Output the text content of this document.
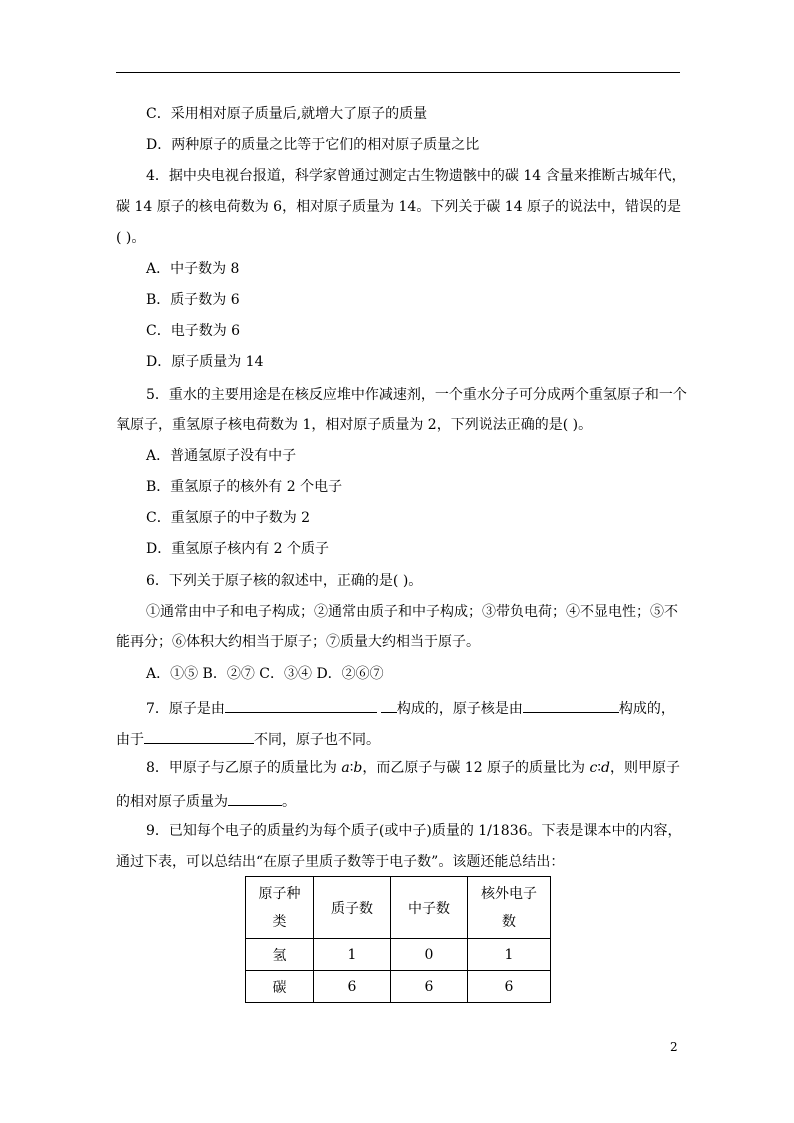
C．采用相对原子质量后,就增大了原子的质量
D．两种原子的质量之比等于它们的相对原子质量之比
4．据中央电视台报道，科学家曾通过测定古生物遗骸中的碳 14 含量来推断古城年代，
碳 14 原子的核电荷数为 6，相对原子质量为 14。下列关于碳 14 原子的说法中，错误的是
( )。
A．中子数为 8
B．质子数为 6
C．电子数为 6
D．原子质量为 14
5．重水的主要用途是在核反应堆中作减速剂，一个重水分子可分成两个重氢原子和一个
氧原子，重氢原子核电荷数为 1，相对原子质量为 2，下列说法正确的是( )。
A．普通氢原子没有中子
B．重氢原子的核外有 2 个电子
C．重氢原子的中子数为 2
D．重氢原子核内有 2 个质子
6．下列关于原子核的叙述中，正确的是( )。
①通常由中子和电子构成；②通常由质子和中子构成；③带负电荷；④不显电性；⑤不
能再分；⑥体积大约相当于原子；⑦质量大约相当于原子。
A．①⑤ B．②⑦ C．③④ D．②⑥⑦
7．原子是由	构成的，原子核是由	构成的，
由于	不同，原子也不同。
8．甲原子与乙原子的质量比为 a∶b，而乙原子与碳 12 原子的质量比为 c∶d，则甲原子
的相对原子质量为	。
9．已知每个电子的质量约为每个质子(或中子)质量的 1/1836。下表是课本中的内容，
通过下表，可以总结出“在原子里质子数等于电子数”。该题还能总结出：
原子种
类	质子数	中子数	核外电子
数
氢	1	0	1
碳	6	6	6
2
